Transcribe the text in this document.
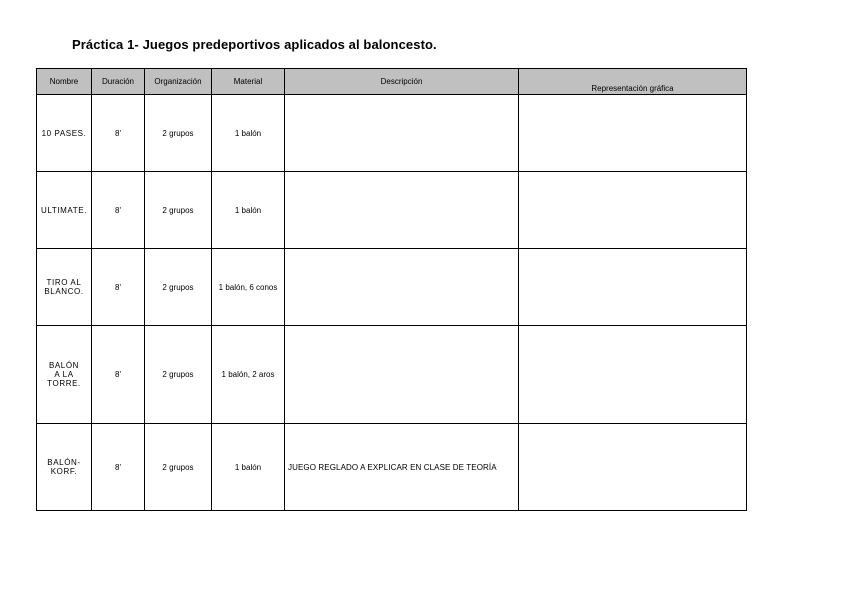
Práctica 1- Juegos predeportivos aplicados al baloncesto.
Nombre	Duración	Organización	Material	Descripción	Representación gráfica

10 PASES.	8'	2 grupos	1 balón		

ULTIMATE.	8'	2 grupos	1 balón		

TIRO AL
BLANCO.	8'	2 grupos	1 balón, 6 conos		

BALÓN
A LA
TORRE.	8'	2 grupos	1 balón, 2 aros		

BALÓN-
KORF.	8'	2 grupos	1 balón	JUEGO REGLADO A EXPLICAR EN CLASE DE TEORÍA	
